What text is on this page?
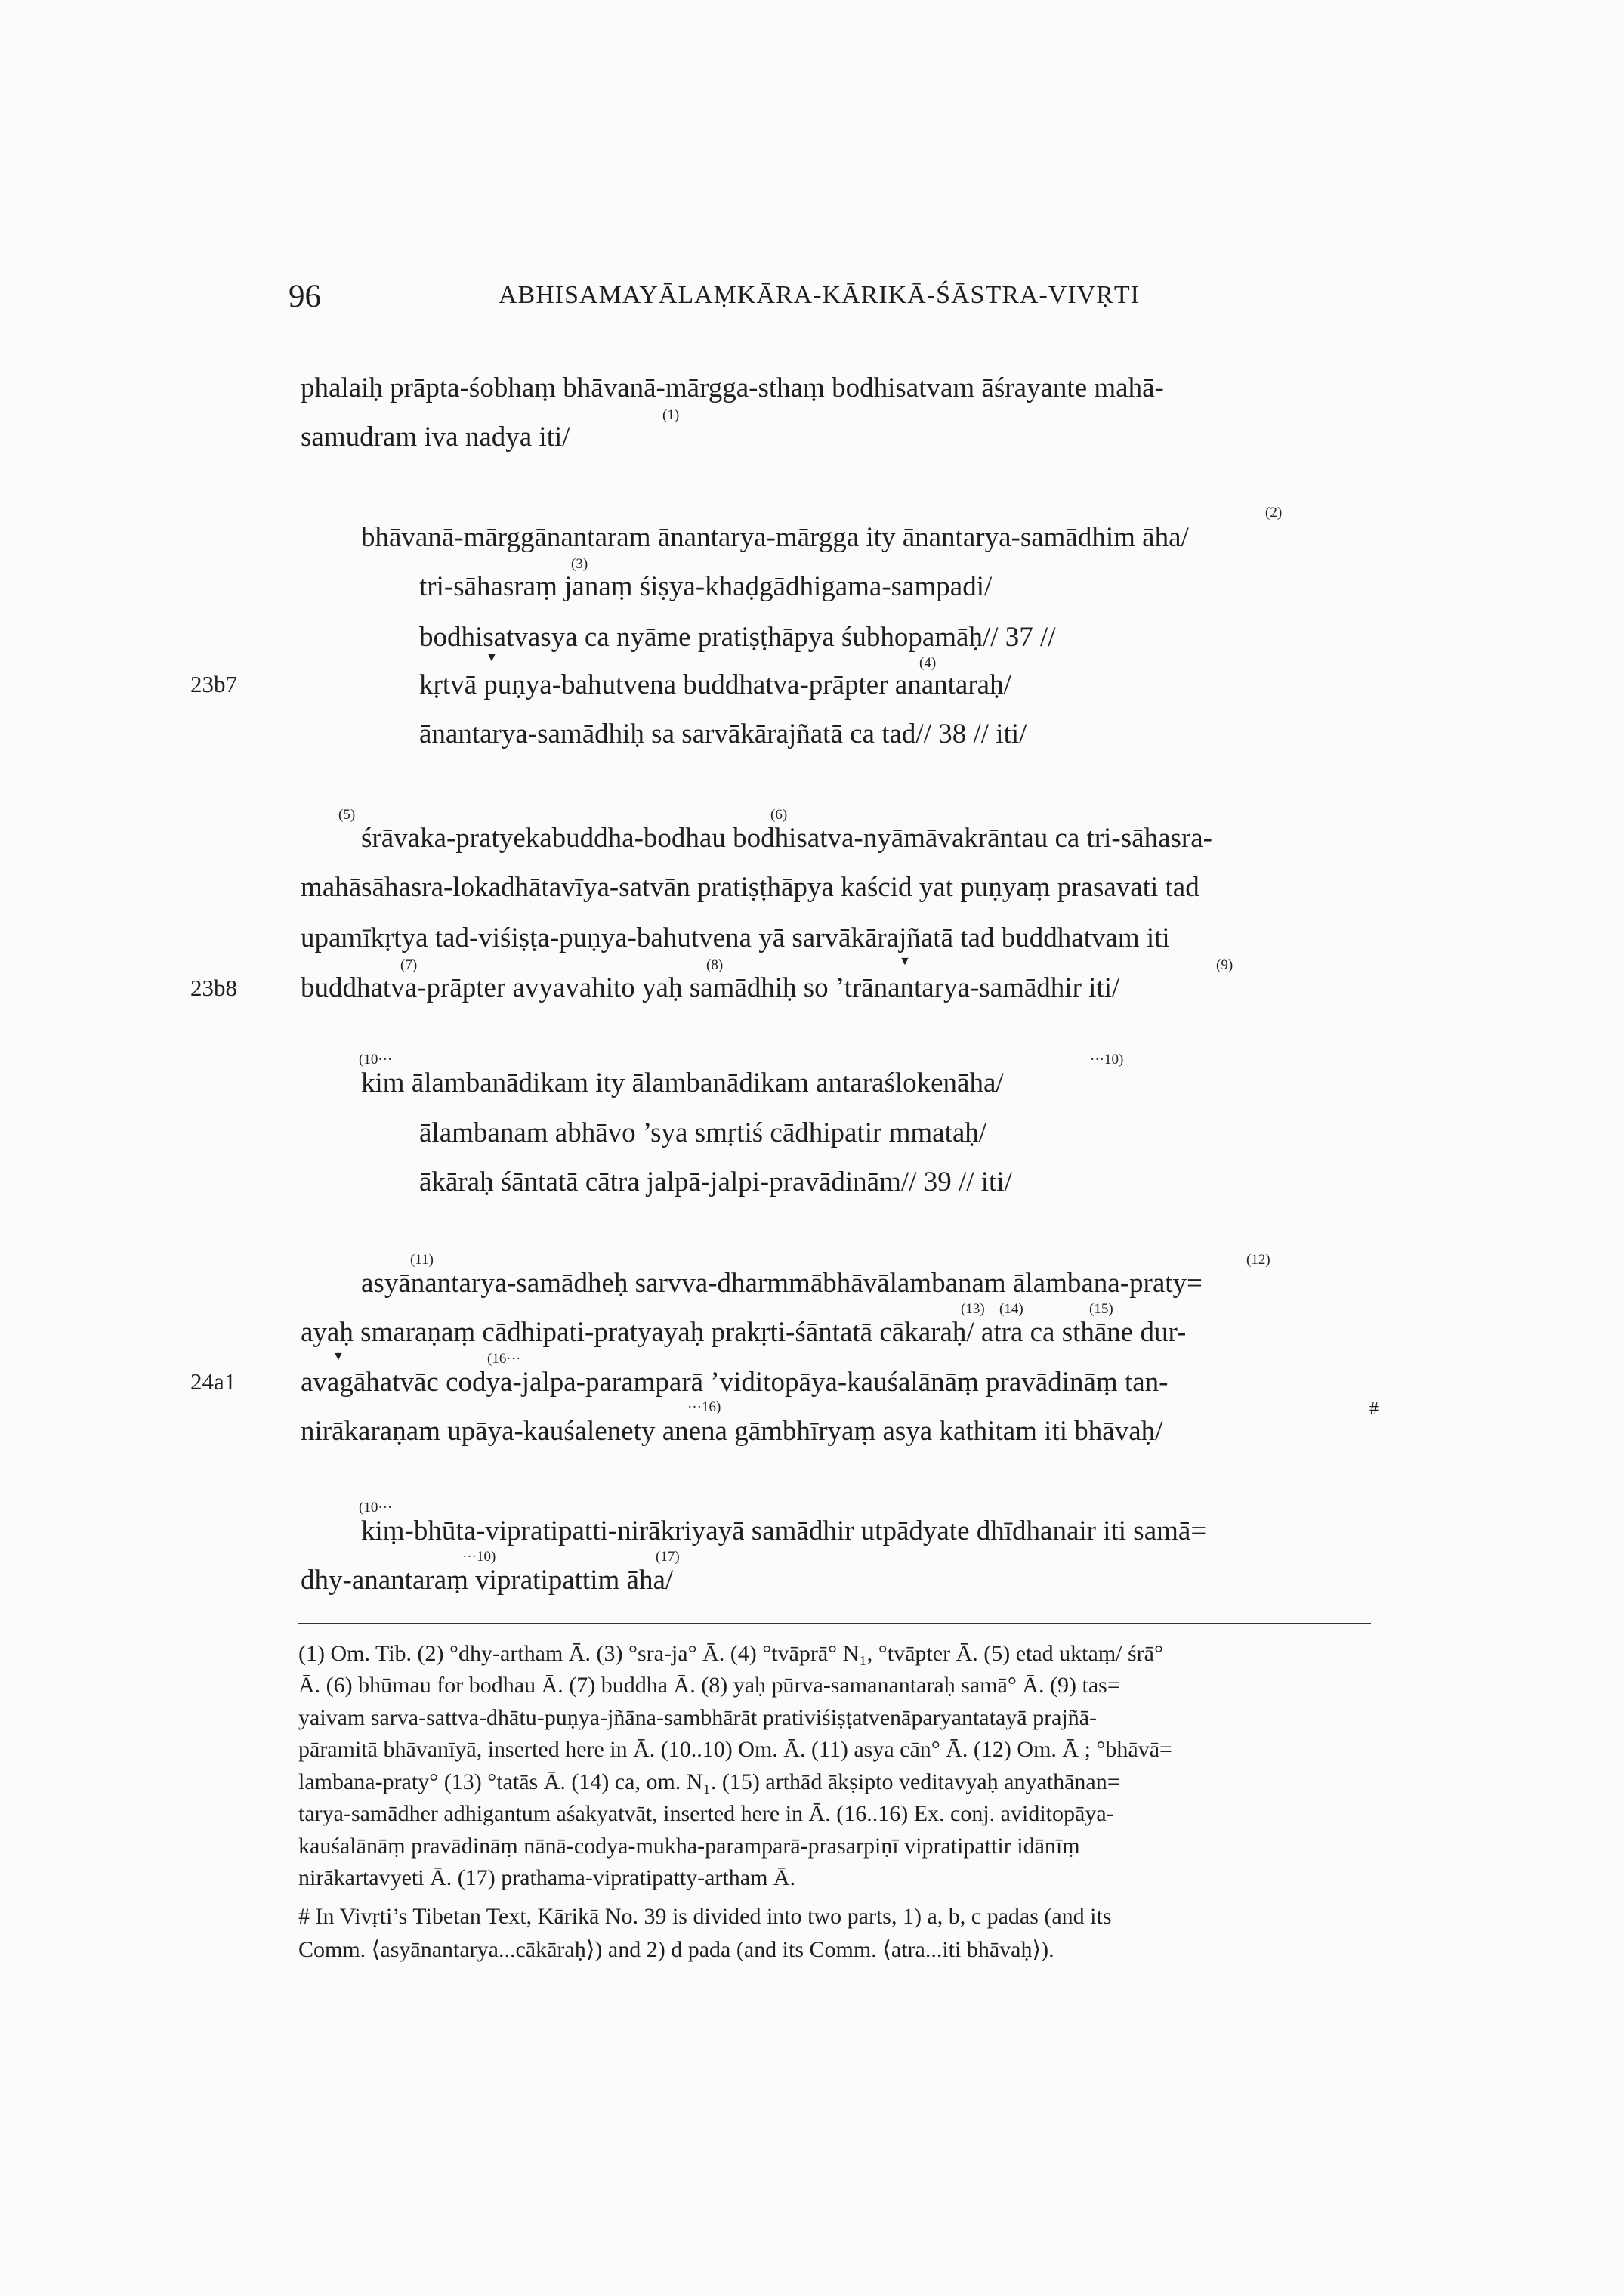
96	ABHISAMAYĀLAṂKĀRA-KĀRIKĀ-ŚĀSTRA-VIVṚTI
23b7
23b8
24a1
phalaiḥ prāpta-śobhaṃ bhāvanā-mārgga-sthaṃ bodhisatvam āśrayante mahā-
samudram iva nadya iti/
bhāvanā-mārggānantaram ānantarya-mārgga ity ānantarya-samādhim āha/
tri-sāhasraṃ janaṃ śiṣya-khaḍgādhigama-sampadi/
bodhisatvasya ca nyāme pratiṣṭhāpya śubhopamāḥ// 37 //
kṛtvā puṇya-bahutvena buddhatva-prāpter anantaraḥ/
ānantarya-samādhiḥ sa sarvākārajñatā ca tad// 38 // iti/
śrāvaka-pratyekabuddha-bodhau bodhisatva-nyāmāvakrāntau ca tri-sāhasra-
mahāsāhasra-lokadhātavīya-satvān pratiṣṭhāpya kaścid yat puṇyaṃ prasavati tad
upamīkṛtya tad-viśiṣṭa-puṇya-bahutvena yā sarvākārajñatā tad buddhatvam iti
buddhatva-prāpter avyavahito yaḥ samādhiḥ so ’trānantarya-samādhir iti/
kim ālambanādikam ity ālambanādikam antaraślokenāha/
ālambanam abhāvo ’sya smṛtiś cādhipatir mmataḥ/
ākāraḥ śāntatā cātra jalpā-jalpi-pravādinām// 39 // iti/
asyānantarya-samādheḥ sarvva-dharmmābhāvālambanam ālambana-praty=
ayaḥ smaraṇaṃ cādhipati-pratyayaḥ prakṛti-śāntatā cākaraḥ/ atra ca sthāne dur-
avagāhatvāc codya-jalpa-paramparā ’viditopāya-kauśalānāṃ pravādināṃ tan-
nirākaraṇam upāya-kauśalenety anena gāmbhīryaṃ asya kathitam iti bhāvaḥ/
kiṃ-bhūta-vipratipatti-nirākriyayā samādhir utpādyate dhīdhanair iti samā=
dhy-anantaraṃ vipratipattim āha/
(1)
(2)
(3)
(4)
(5)	(6)
(7)	(8)	(9)
(10···	···10)
(11)	(12)
(13) (14)	(15)
(16···
···16)
(10···
···10)	(17)
#
▼
▼
▼
(1) Om. Tib. (2) °dhy-artham Ā. (3) °sra-ja° Ā. (4) °tvāprā° N₁, °tvāpter Ā. (5) etad uktaṃ/ śrā°
Ā. (6) bhūmau for bodhau Ā. (7) buddha Ā. (8) yaḥ pūrva-samanantaraḥ samā° Ā. (9) tas=
yaivam sarva-sattva-dhātu-puṇya-jñāna-sambhārāt prativiśiṣṭatvenāparyantatayā prajñā-
pāramitā bhāvanīyā, inserted here in Ā. (10..10) Om. Ā. (11) asya cān° Ā. (12) Om. Ā ; °bhāvā=
lambana-praty° (13) °tatās Ā. (14) ca, om. N₁. (15) arthād ākṣipto veditavyaḥ anyathānan=
tarya-samādher adhigantum aśakyatvāt, inserted here in Ā. (16..16) Ex. conj. aviditopāya-
kauśalānāṃ pravādināṃ nānā-codya-mukha-paramparā-prasarpiṇī vipratipattir idānīṃ
nirākartavyeti Ā. (17) prathama-vipratipatty-artham Ā.
# In Vivṛti’s Tibetan Text, Kārikā No. 39 is divided into two parts, 1) a, b, c padas (and its
Comm. ⟨asyānantarya...cākāraḥ⟩) and 2) d pada (and its Comm. ⟨atra...iti bhāvaḥ⟩).
